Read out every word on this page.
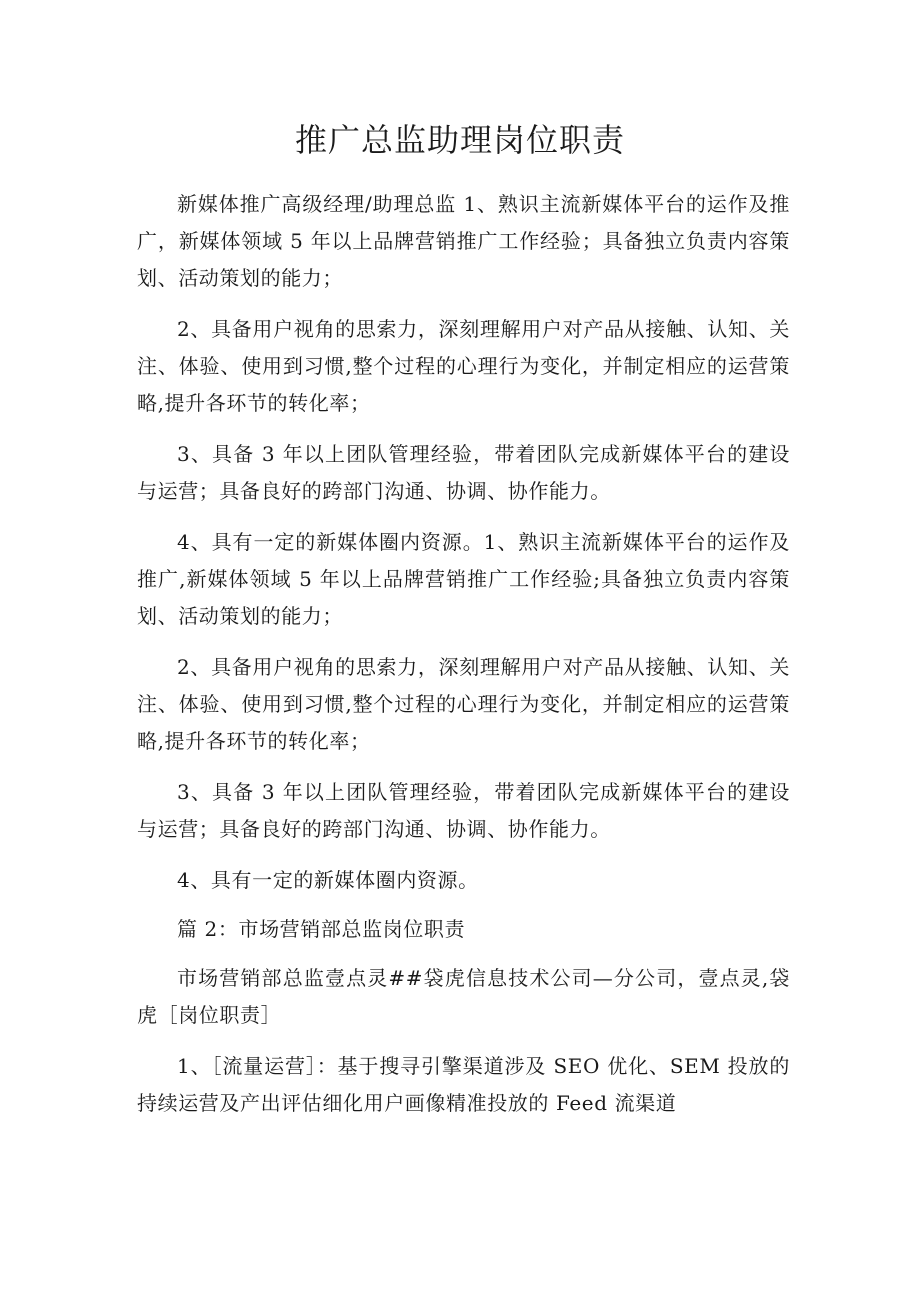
推广总监助理岗位职责

新媒体推广高级经理/助理总监 1、熟识主流新媒体平台的运作及推广，新媒体领域 5 年以上品牌营销推广工作经验；具备独立负责内容策划、活动策划的能力；

2、具备用户视角的思索力，深刻理解用户对产品从接触、认知、关注、体验、使用到习惯,整个过程的心理行为变化，并制定相应的运营策略,提升各环节的转化率；

3、具备 3 年以上团队管理经验，带着团队完成新媒体平台的建设与运营；具备良好的跨部门沟通、协调、协作能力。

4、具有一定的新媒体圈内资源。1、熟识主流新媒体平台的运作及推广,新媒体领域 5 年以上品牌营销推广工作经验;具备独立负责内容策划、活动策划的能力；

2、具备用户视角的思索力，深刻理解用户对产品从接触、认知、关注、体验、使用到习惯,整个过程的心理行为变化，并制定相应的运营策略,提升各环节的转化率；

3、具备 3 年以上团队管理经验，带着团队完成新媒体平台的建设与运营；具备良好的跨部门沟通、协调、协作能力。

4、具有一定的新媒体圈内资源。

篇 2：市场营销部总监岗位职责

市场营销部总监壹点灵##袋虎信息技术公司—分公司，壹点灵,袋虎［岗位职责］

1、［流量运营］：基于搜寻引擎渠道涉及 SEO 优化、SEM 投放的持续运营及产出评估细化用户画像精准投放的 Feed 流渠道
